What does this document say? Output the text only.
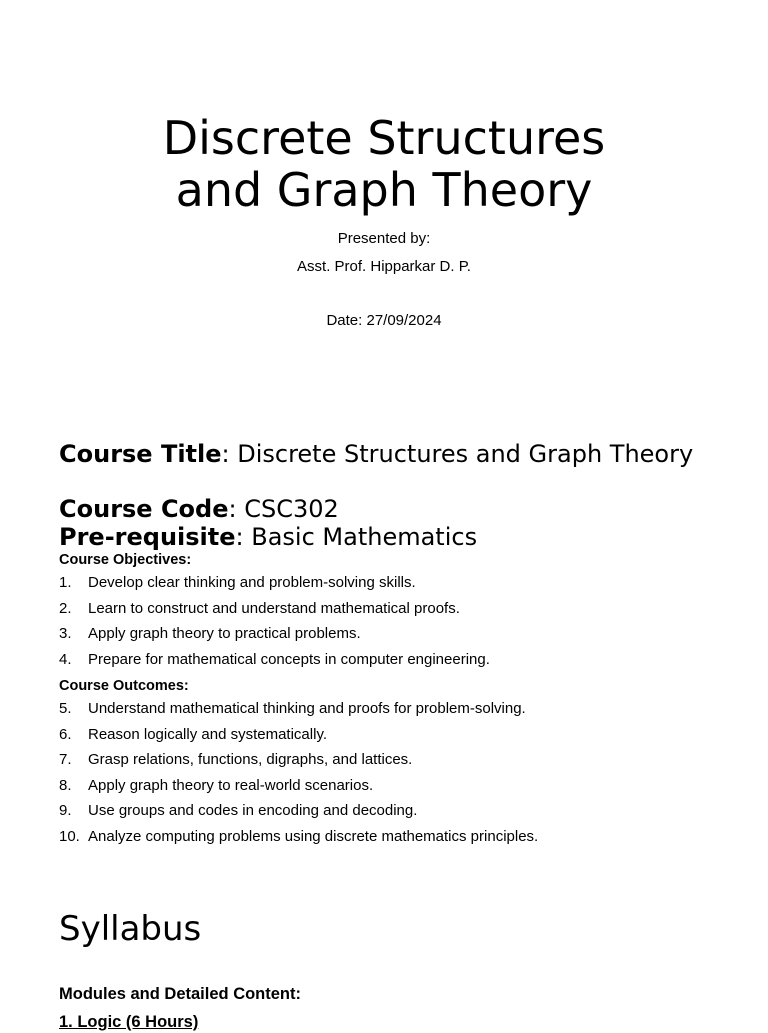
Discrete Structures
and Graph Theory
Presented by:
Asst. Prof. Hipparkar D. P.
Date: 27/09/2024
Course Title: Discrete Structures and Graph Theory
Course Code: CSC302
Pre-requisite: Basic Mathematics

Course Objectives:

1. Develop clear thinking and problem-solving skills.
2. Learn to construct and understand mathematical proofs.
3. Apply graph theory to practical problems.
4. Prepare for mathematical concepts in computer engineering.

Course Outcomes:

5. Understand mathematical thinking and proofs for problem-solving.
6. Reason logically and systematically.
7. Grasp relations, functions, digraphs, and lattices.
8. Apply graph theory to real-world scenarios.
9. Use groups and codes in encoding and decoding.
10. Analyze computing problems using discrete mathematics principles.
Syllabus

Modules and Detailed Content:

1. Logic (6 Hours)
